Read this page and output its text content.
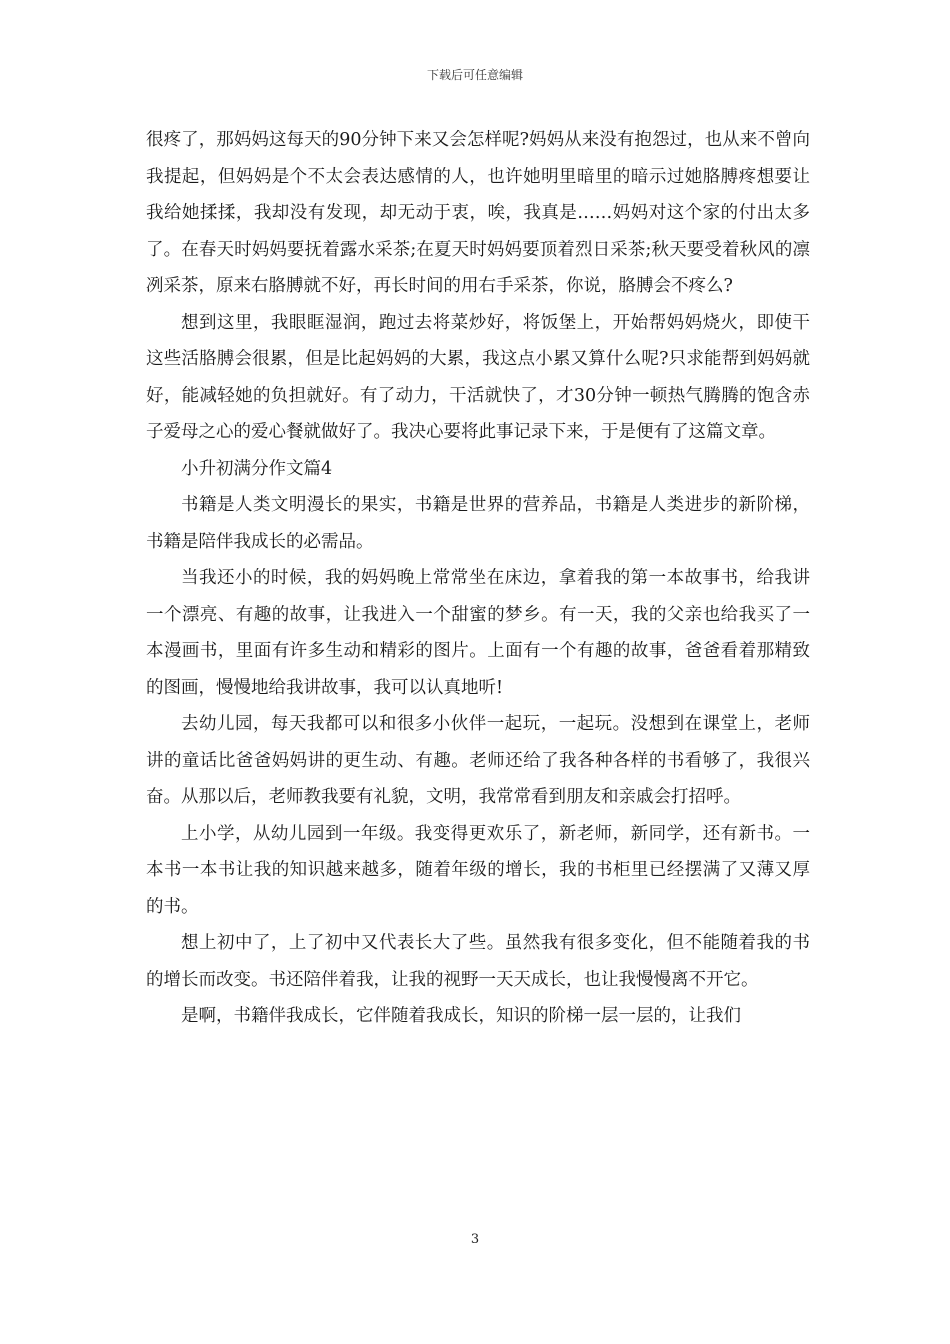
下载后可任意编辑

很疼了，那妈妈这每天的90分钟下来又会怎样呢?妈妈从来没有抱怨过，也从来不曾向我提起，但妈妈是个不太会表达感情的人，也许她明里暗里的暗示过她胳膊疼想要让我给她揉揉，我却没有发现，却无动于衷，唉，我真是……妈妈对这个家的付出太多了。在春天时妈妈要抚着露水采茶;在夏天时妈妈要顶着烈日采茶;秋天要受着秋风的凛冽采茶，原来右胳膊就不好，再长时间的用右手采茶，你说，胳膊会不疼么?

想到这里，我眼眶湿润，跑过去将菜炒好，将饭堡上，开始帮妈妈烧火，即使干这些活胳膊会很累，但是比起妈妈的大累，我这点小累又算什么呢?只求能帮到妈妈就好，能减轻她的负担就好。有了动力，干活就快了，才30分钟一顿热气腾腾的饱含赤子爱母之心的爱心餐就做好了。我决心要将此事记录下来，于是便有了这篇文章。

小升初满分作文篇4

书籍是人类文明漫长的果实，书籍是世界的营养品，书籍是人类进步的新阶梯，书籍是陪伴我成长的必需品。

当我还小的时候，我的妈妈晚上常常坐在床边，拿着我的第一本故事书，给我讲一个漂亮、有趣的故事，让我进入一个甜蜜的梦乡。有一天，我的父亲也给我买了一本漫画书，里面有许多生动和精彩的图片。上面有一个有趣的故事，爸爸看着那精致的图画，慢慢地给我讲故事，我可以认真地听!

去幼儿园，每天我都可以和很多小伙伴一起玩，一起玩。没想到在课堂上，老师讲的童话比爸爸妈妈讲的更生动、有趣。老师还给了我各种各样的书看够了，我很兴奋。从那以后，老师教我要有礼貌，文明，我常常看到朋友和亲戚会打招呼。

上小学，从幼儿园到一年级。我变得更欢乐了，新老师，新同学，还有新书。一本书一本书让我的知识越来越多，随着年级的增长，我的书柜里已经摆满了又薄又厚的书。

想上初中了，上了初中又代表长大了些。虽然我有很多变化，但不能随着我的书的增长而改变。书还陪伴着我，让我的视野一天天成长，也让我慢慢离不开它。

是啊，书籍伴我成长，它伴随着我成长，知识的阶梯一层一层的，让我们

3
